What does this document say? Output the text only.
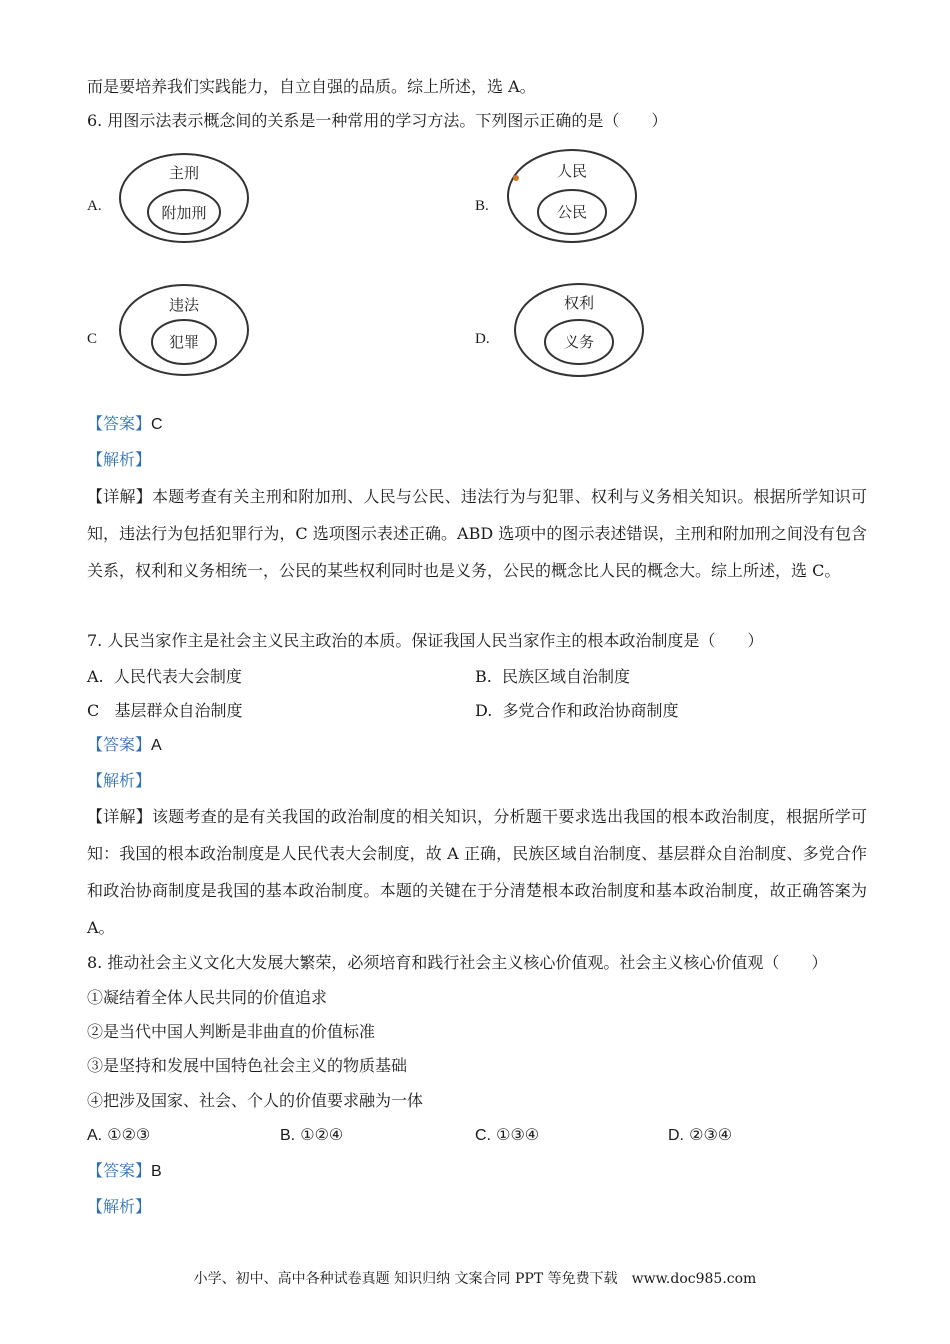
而是要培养我们实践能力，自立自强的品质。综上所述，选 A。
6. 用图示法表示概念间的关系是一种常用的学习方法。下列图示正确的是（　　）
A.
主刑
附加刑	B.
人民
公民
C
违法
犯罪	D.
权利
义务
【答案】C
【解析】
【详解】本题考查有关主刑和附加刑、人民与公民、违法行为与犯罪、权利与义务相关知识。根据所学知识可知，违法行为包括犯罪行为，C 选项图示表述正确。ABD 选项中的图示表述错误，主刑和附加刑之间没有包含关系，权利和义务相统一，公民的某些权利同时也是义务，公民的概念比人民的概念大。综上所述，选 C。
7. 人民当家作主是社会主义民主政治的本质。保证我国人民当家作主的根本政治制度是（　　）
A. 人民代表大会制度	B. 民族区域自治制度
C 基层群众自治制度	D. 多党合作和政治协商制度
【答案】A
【解析】
【详解】该题考查的是有关我国的政治制度的相关知识，分析题干要求选出我国的根本政治制度，根据所学可知：我国的根本政治制度是人民代表大会制度，故 A 正确，民族区域自治制度、基层群众自治制度、多党合作和政治协商制度是我国的基本政治制度。本题的关键在于分清楚根本政治制度和基本政治制度，故正确答案为 A。
8. 推动社会主义文化大发展大繁荣，必须培育和践行社会主义核心价值观。社会主义核心价值观（　　）
①凝结着全体人民共同的价值追求
②是当代中国人判断是非曲直的价值标准
③是坚持和发展中国特色社会主义的物质基础
④把涉及国家、社会、个人的价值要求融为一体
A. ①②③	B. ①②④	C. ①③④	D. ②③④
【答案】B
【解析】
小学、初中、高中各种试卷真题 知识归纳 文案合同 PPT 等免费下载　www.doc985.com
